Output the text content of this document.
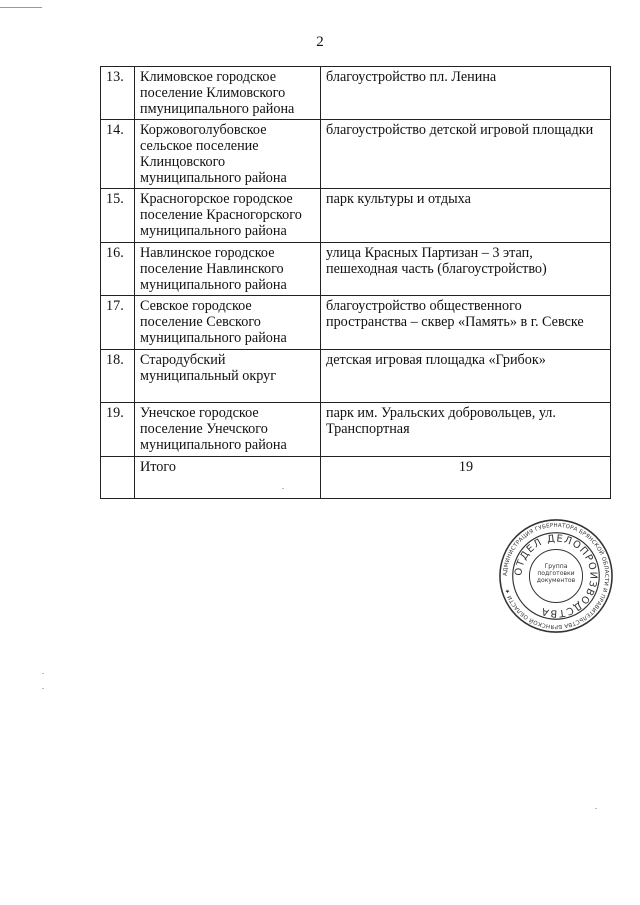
2
13.	Климовское городское поселение Климовского пмуниципального района	благоустройство пл. Ленина
14.	Коржовоголубовское сельское поселение Клинцовского муниципального района	благоустройство детской игровой площадки
15.	Красногорское городское поселение Красногорского муниципального района	парк культуры и отдыха
16.	Навлинское городское поселение Навлинского муниципального района	улица Красных Партизан – 3 этап, пешеходная часть (благоустройство)
17.	Севское городское поселение Севского муниципального района	благоустройство общественного пространства – сквер «Память» в г. Севске
18.	Стародубский муниципальный округ	детская игровая площадка «Грибок»
19.	Унечское городское поселение Унечского муниципального района	парк им. Уральских добровольцев, ул. Транспортная
	Итого	19
АДМИНИСТРАЦИЯ ГУБЕРНАТОРА БРЯНСКОЙ ОБЛАСТИ И ПРАВИТЕЛЬСТВА БРЯНСКОЙ ОБЛАСТИ ★
ОТДЕЛ ДЕЛОПРОИЗВОДСТВА
Группа подготовки документов
